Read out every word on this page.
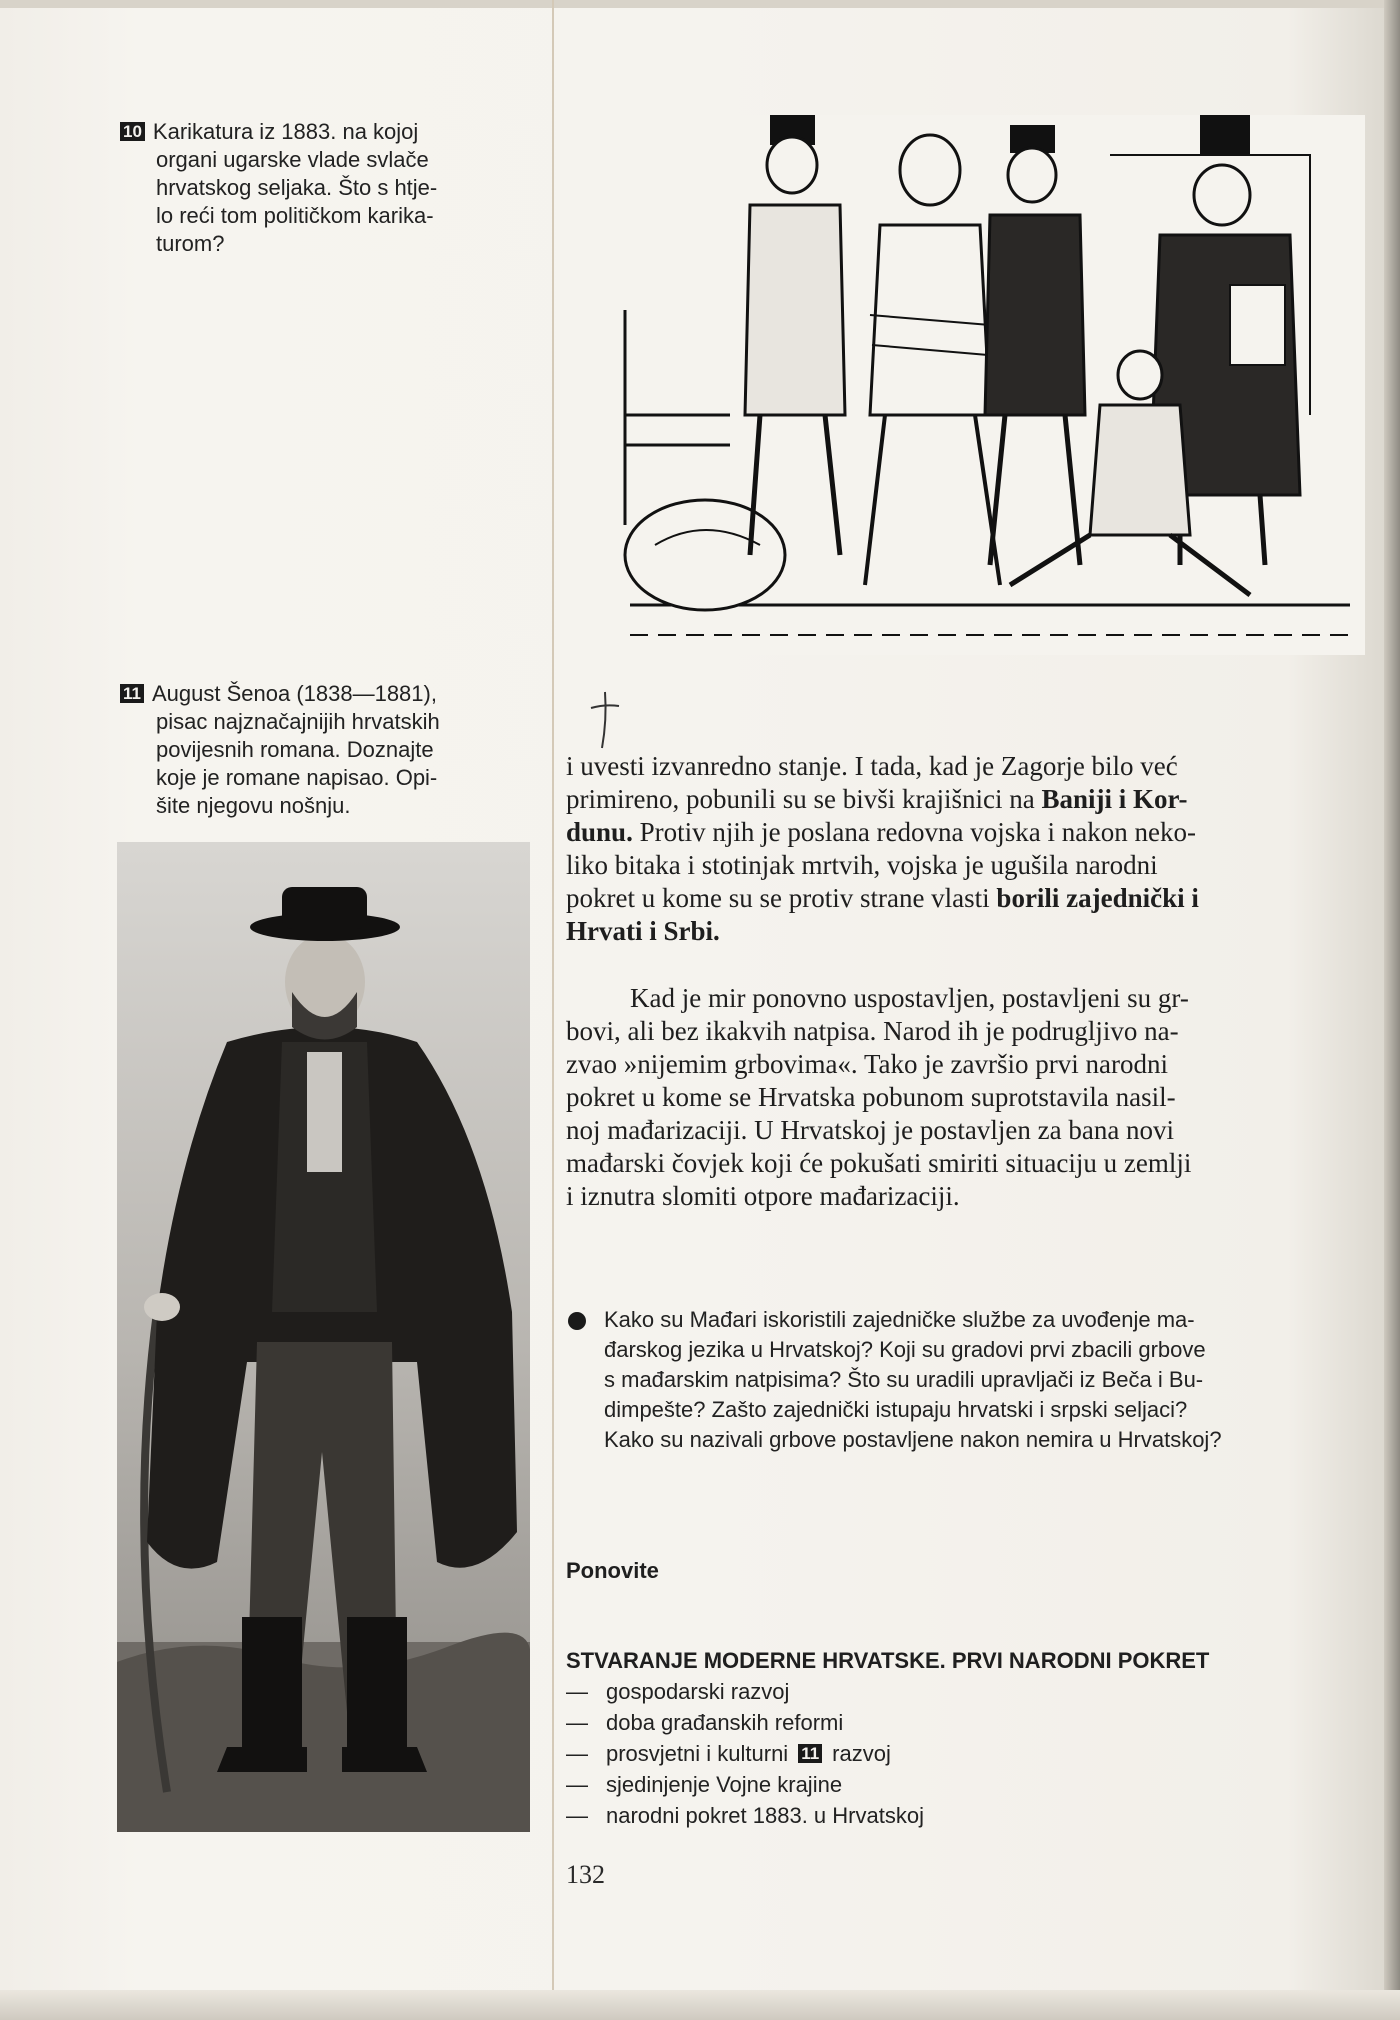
10 Karikatura iz 1883. na kojoj
organi ugarske vlade svlače
hrvatskog seljaka. Što s htje-
lo reći tom političkom karika-
turom?
11 August Šenoa (1838—1881),
pisac najznačajnijih hrvatskih
povijesnih romana. Doznajte
koje je romane napisao. Opi-
šite njegovu nošnju.
i uvesti izvanredno stanje. I tada, kad je Zagorje bilo već
primireno, pobunili su se bivši krajišnici na Baniji i Kor-
dunu. Protiv njih je poslana redovna vojska i nakon neko-
liko bitaka i stotinjak mrtvih, vojska je ugušila narodni
pokret u kome su se protiv strane vlasti borili zajednički i
Hrvati i Srbi.
Kad je mir ponovno uspostavljen, postavljeni su gr-
bovi, ali bez ikakvih natpisa. Narod ih je podrugljivo na-
zvao »nijemim grbovima«. Tako je završio prvi narodni
pokret u kome se Hrvatska pobunom suprotstavila nasil-
noj mađarizaciji. U Hrvatskoj je postavljen za bana novi
mađarski čovjek koji će pokušati smiriti situaciju u zemlji
i iznutra slomiti otpore mađarizaciji.
Kako su Mađari iskoristili zajedničke službe za uvođenje ma-
đarskog jezika u Hrvatskoj? Koji su gradovi prvi zbacili grbove
s mađarskim natpisima? Što su uradili upravljači iz Beča i Bu-
dimpešte? Zašto zajednički istupaju hrvatski i srpski seljaci?
Kako su nazivali grbove postavljene nakon nemira u Hrvatskoj?
Ponovite
STVARANJE MODERNE HRVATSKE. PRVI NARODNI POKRET
— gospodarski razvoj
— doba građanskih reformi
— prosvjetni i kulturni 11 razvoj
— sjedinjenje Vojne krajine
— narodni pokret 1883. u Hrvatskoj
132
